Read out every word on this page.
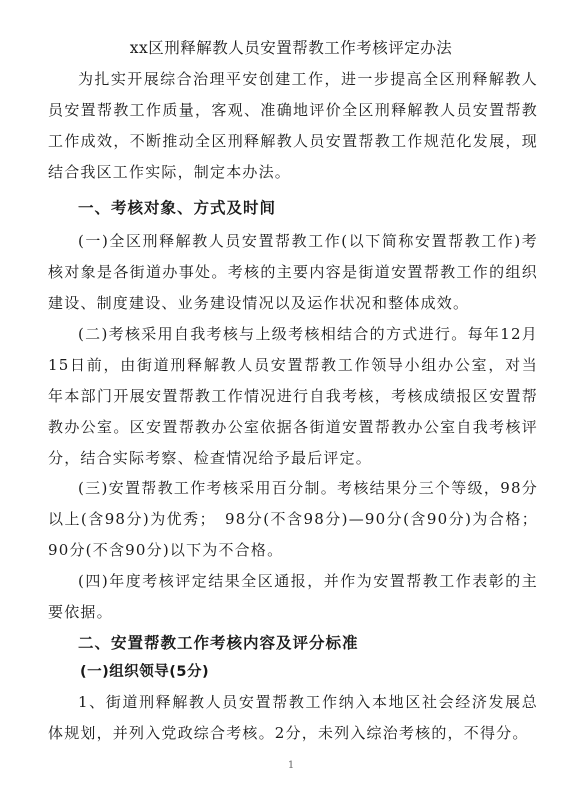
xx区刑释解教人员安置帮教工作考核评定办法
为扎实开展综合治理平安创建工作，进一步提高全区刑释解教人员安置帮教工作质量，客观、准确地评价全区刑释解教人员安置帮教工作成效，不断推动全区刑释解教人员安置帮教工作规范化发展，现结合我区工作实际，制定本办法。
一、考核对象、方式及时间
(一)全区刑释解教人员安置帮教工作(以下简称安置帮教工作)考核对象是各街道办事处。考核的主要内容是街道安置帮教工作的组织建设、制度建设、业务建设情况以及运作状况和整体成效。
(二)考核采用自我考核与上级考核相结合的方式进行。每年12月15日前，由街道刑释解教人员安置帮教工作领导小组办公室，对当年本部门开展安置帮教工作情况进行自我考核，考核成绩报区安置帮教办公室。区安置帮教办公室依据各街道安置帮教办公室自我考核评分，结合实际考察、检查情况给予最后评定。
(三)安置帮教工作考核采用百分制。考核结果分三个等级，98分以上(含98分)为优秀；　98分(不含98分)—90分(含90分)为合格；90分(不含90分)以下为不合格。
(四)年度考核评定结果全区通报，并作为安置帮教工作表彰的主要依据。
二、安置帮教工作考核内容及评分标准
(一)组织领导(5分)
1、街道刑释解教人员安置帮教工作纳入本地区社会经济发展总体规划，并列入党政综合考核。2分，未列入综治考核的，不得分。
1
